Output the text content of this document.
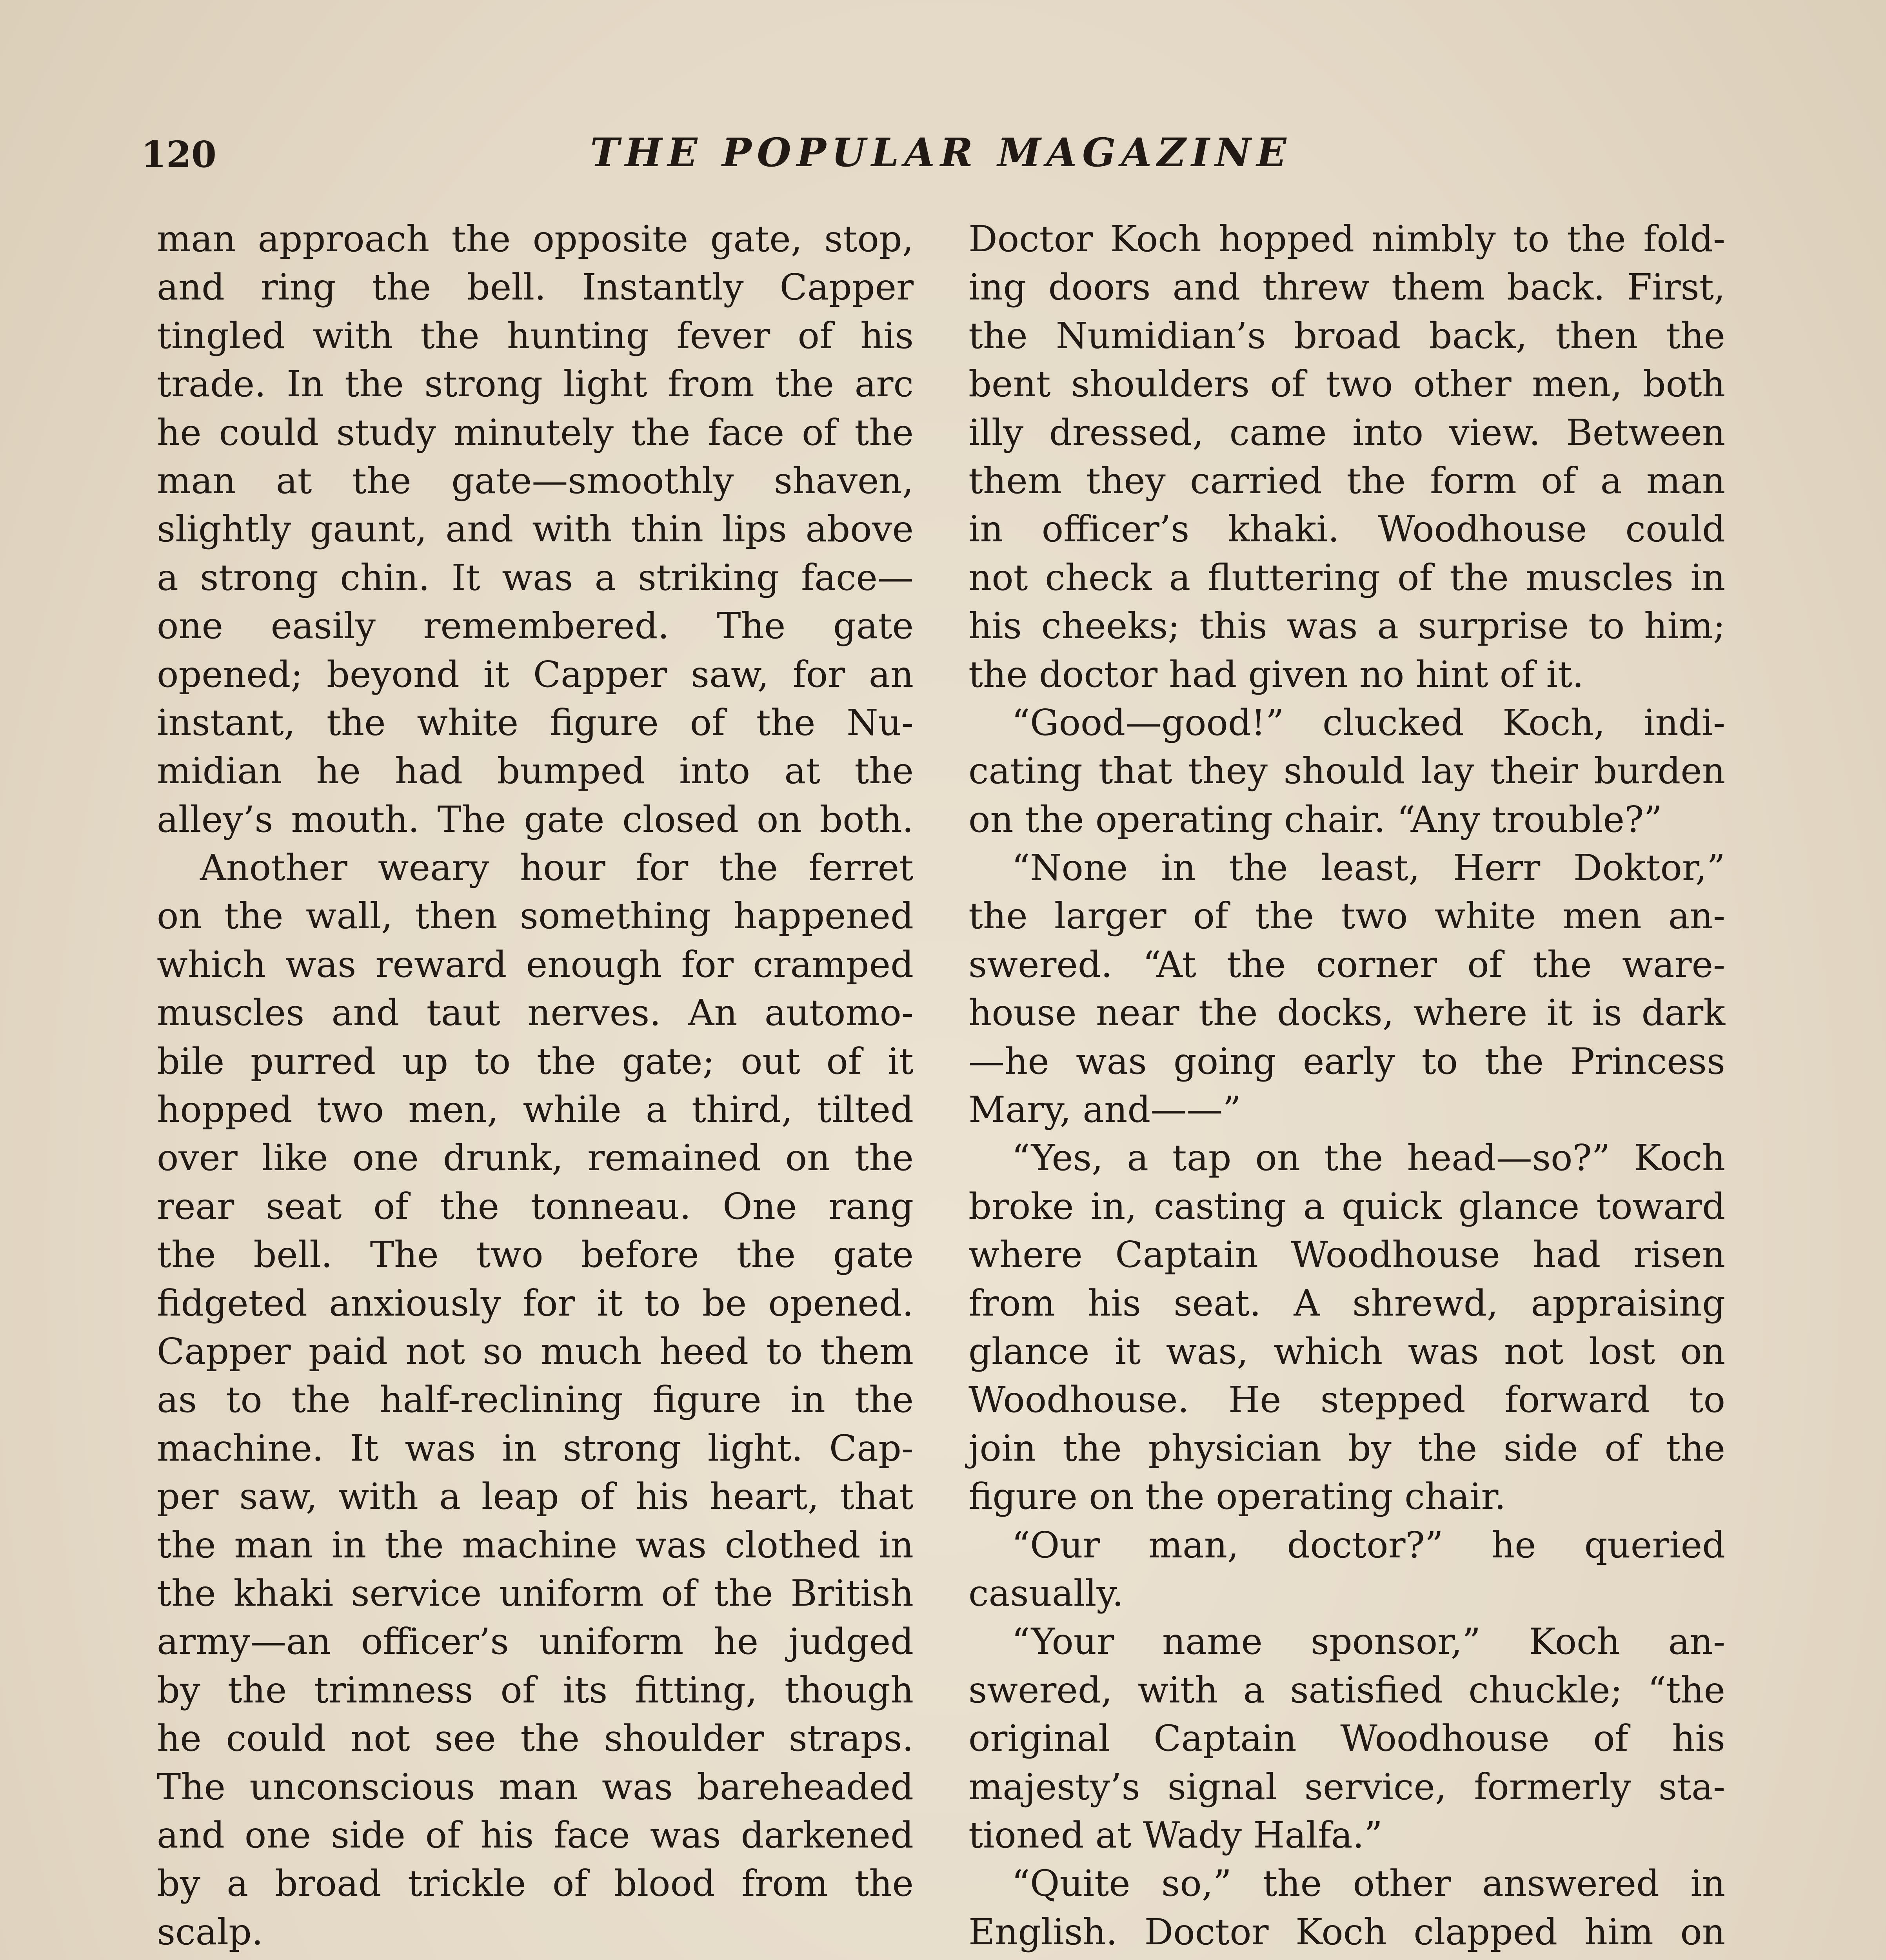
120	THE POPULAR MAGAZINE
man approach the opposite gate, stop,
and ring the bell. Instantly Capper
tingled with the hunting fever of his
trade. In the strong light from the arc
he could study minutely the face of the
man at the gate—smoothly shaven,
slightly gaunt, and with thin lips above
a strong chin. It was a striking face—
one easily remembered. The gate
opened; beyond it Capper saw, for an
instant, the white figure of the Nu-
midian he had bumped into at the
alley’s mouth. The gate closed on both.
Another weary hour for the ferret
on the wall, then something happened
which was reward enough for cramped
muscles and taut nerves. An automo-
bile purred up to the gate; out of it
hopped two men, while a third, tilted
over like one drunk, remained on the
rear seat of the tonneau. One rang
the bell. The two before the gate
fidgeted anxiously for it to be opened.
Capper paid not so much heed to them
as to the half-reclining figure in the
machine. It was in strong light. Cap-
per saw, with a leap of his heart, that
the man in the machine was clothed in
the khaki service uniform of the British
army—an officer’s uniform he judged
by the trimness of its fitting, though
he could not see the shoulder straps.
The unconscious man was bareheaded
and one side of his face was darkened
by a broad trickle of blood from the
scalp.
Doctor Koch hopped nimbly to the fold-
ing doors and threw them back. First,
the Numidian’s broad back, then the
bent shoulders of two other men, both
illy dressed, came into view. Between
them they carried the form of a man
in officer’s khaki. Woodhouse could
not check a fluttering of the muscles in
his cheeks; this was a surprise to him;
the doctor had given no hint of it.
“Good—good!” clucked Koch, indi-
cating that they should lay their burden
on the operating chair. “Any trouble?”
“None in the least, Herr Doktor,”
the larger of the two white men an-
swered. “At the corner of the ware-
house near the docks, where it is dark
—he was going early to the Princess
Mary, and——”
“Yes, a tap on the head—so?” Koch
broke in, casting a quick glance toward
where Captain Woodhouse had risen
from his seat. A shrewd, appraising
glance it was, which was not lost on
Woodhouse. He stepped forward to
join the physician by the side of the
figure on the operating chair.
“Our man, doctor?” he queried
casually.
“Your name sponsor,” Koch an-
swered, with a satisfied chuckle; “the
original Captain Woodhouse of his
majesty’s signal service, formerly sta-
tioned at Wady Halfa.”
“Quite so,” the other answered in
English. Doctor Koch clapped him on
